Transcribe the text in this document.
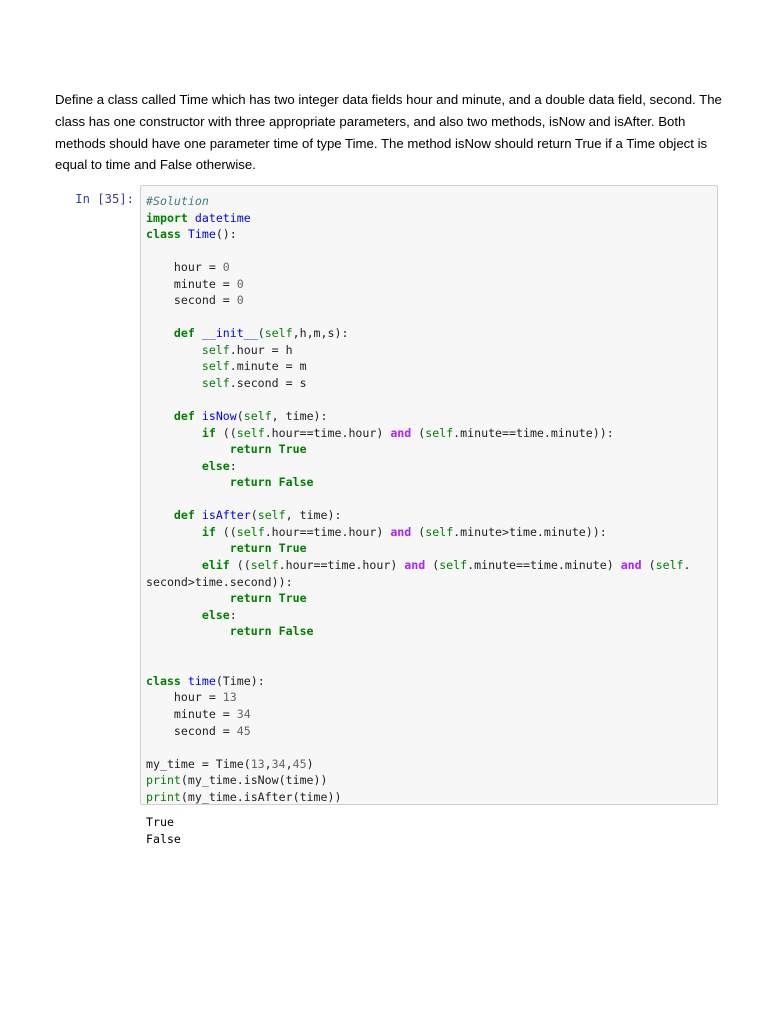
Define a class called Time which has two integer data fields hour and minute, and a double data field, second. The class has one constructor with three appropriate parameters, and also two methods, isNow and isAfter. Both methods should have one parameter time of type Time. The method isNow should return True if a Time object is equal to time and False otherwise.

In [35]:	#Solution
import datetime
class Time():

hour = 0
minute = 0
second = 0

def __init__(self,h,m,s):
self.hour = h
self.minute = m
self.second = s

def isNow(self, time):
if ((self.hour==time.hour) and (self.minute==time.minute)):
return True
else:
return False

def isAfter(self, time):
if ((self.hour==time.hour) and (self.minute>time.minute)):
return True
elif ((self.hour==time.hour) and (self.minute==time.minute) and (self.
second>time.second)):
return True
else:
return False

class time(Time):
hour = 13
minute = 34
second = 45

my_time = Time(13,34,45)
print(my_time.isNow(time))
print(my_time.isAfter(time))
True
False
